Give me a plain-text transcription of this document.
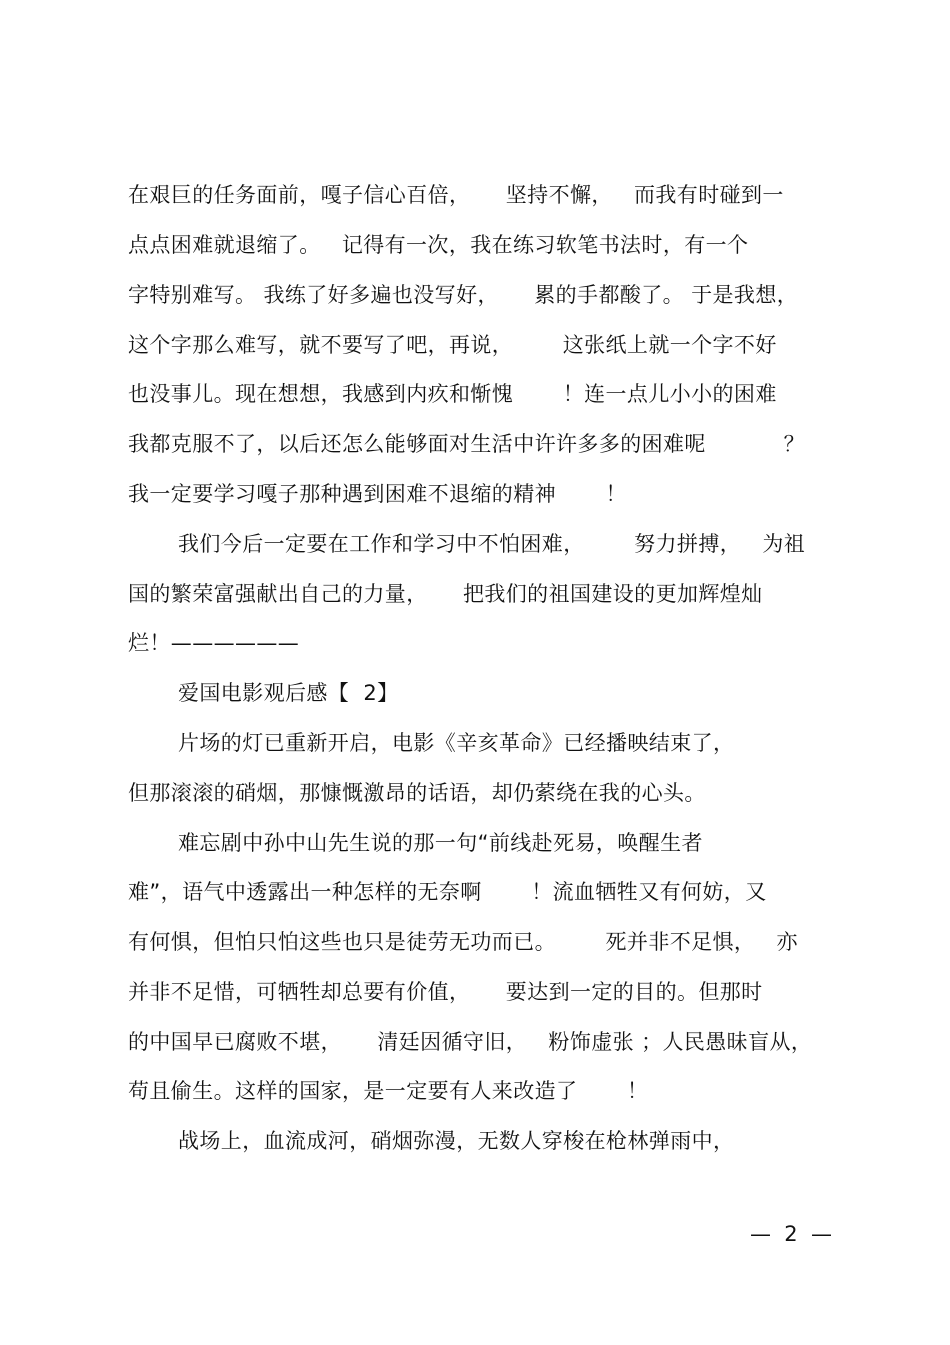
在艰巨的任务面前，嘎子信心百倍，     坚持不懈，   而我有时碰到一
点点困难就退缩了。   记得有一次，我在练习软笔书法时，有一个
字特别难写。 我练了好多遍也没写好，     累的手都酸了。 于是我想，
这个字那么难写，就不要写了吧，再说，       这张纸上就一个字不好
也没事儿。现在想想，我感到内疚和惭愧       ！连一点儿小小的困难
我都克服不了，以后还怎么能够面对生活中许许多多的困难呢           ？
我一定要学习嘎子那种遇到困难不退缩的精神       ！
我们今后一定要在工作和学习中不怕困难，       努力拼搏，   为祖
国的繁荣富强献出自己的力量，     把我们的祖国建设的更加辉煌灿
烂！——————
爱国电影观后感【  2】
片场的灯已重新开启，电影《辛亥革命》已经播映结束了，
但那滚滚的硝烟，那慷慨激昂的话语，却仍萦绕在我的心头。
难忘剧中孙中山先生说的那一句“前线赴死易，唤醒生者
难”，语气中透露出一种怎样的无奈啊       ！流血牺牲又有何妨，又
有何惧，但怕只怕这些也只是徒劳无功而已。       死并非不足惧，   亦
并非不足惜，可牺牲却总要有价值，     要达到一定的目的。但那时
的中国早已腐败不堪，     清廷因循守旧，   粉饰虚张 ；人民愚昧盲从，
苟且偷生。这样的国家，是一定要有人来改造了       ！
战场上，血流成河，硝烟弥漫，无数人穿梭在枪林弹雨中，
—  2  —
